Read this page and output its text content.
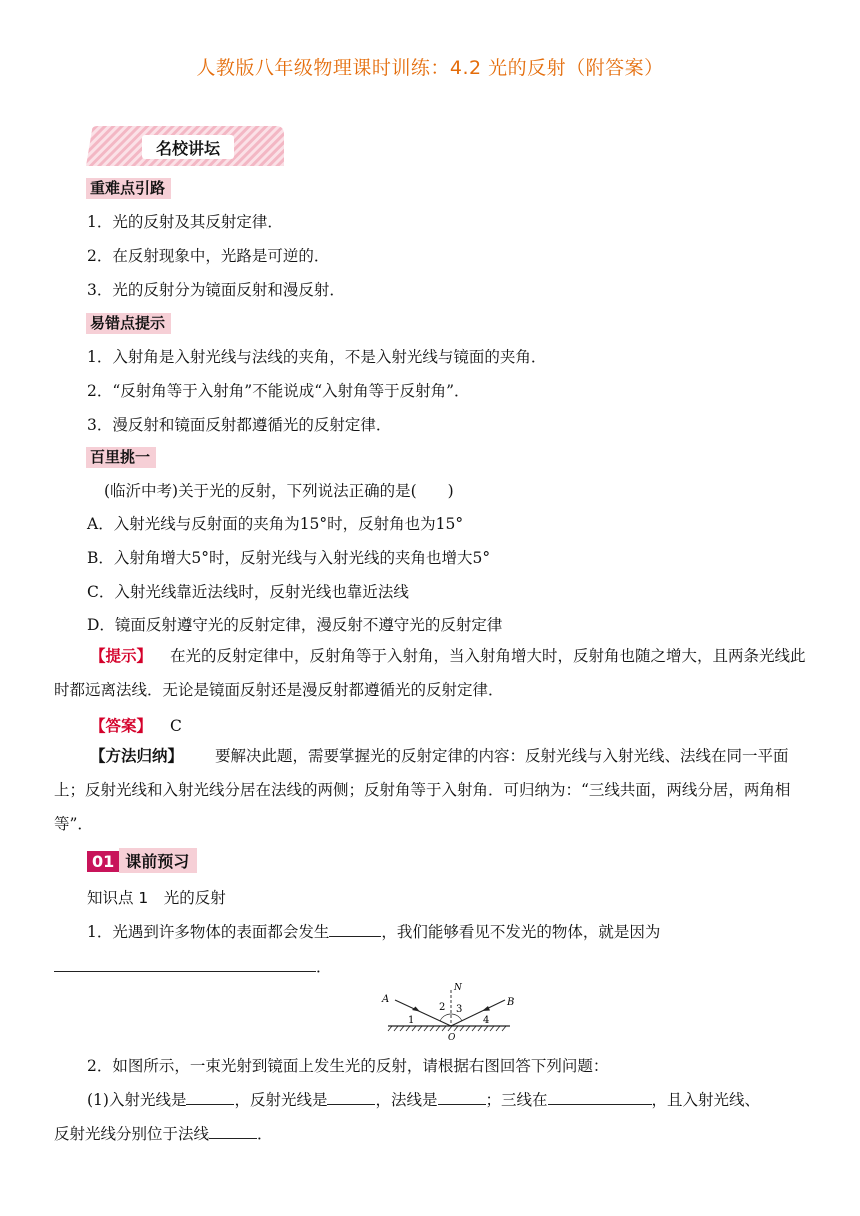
人教版八年级物理课时训练：4.2 光的反射（附答案）
名校讲坛
重难点引路
1．光的反射及其反射定律．
2．在反射现象中，光路是可逆的．
3．光的反射分为镜面反射和漫反射．
易错点提示
1．入射角是入射光线与法线的夹角，不是入射光线与镜面的夹角．
2．“反射角等于入射角”不能说成“入射角等于反射角”．
3．漫反射和镜面反射都遵循光的反射定律．
百里挑一
(临沂中考)关于光的反射，下列说法正确的是(　　)
A．入射光线与反射面的夹角为15°时，反射角也为15°
B．入射角增大5°时，反射光线与入射光线的夹角也增大5°
C．入射光线靠近法线时，反射光线也靠近法线
D．镜面反射遵守光的反射定律，漫反射不遵守光的反射定律
【提示】 在光的反射定律中，反射角等于入射角，当入射角增大时，反射角也随之增大，且两条光线此时都远离法线．无论是镜面反射还是漫反射都遵循光的反射定律．
【答案】 C
【方法归纳】 要解决此题，需要掌握光的反射定律的内容：反射光线与入射光线、法线在同一平面上；反射光线和入射光线分居在法线的两侧；反射角等于入射角．可归纳为：“三线共面，两线分居，两角相等”．
01 课前预习
知识点 1　光的反射
1．光遇到许多物体的表面都会发生	，我们能够看见不发光的物体，就是因为
．
A	B
N
O
1
2 3
4
2．如图所示，一束光射到镜面上发生光的反射，请根据右图回答下列问题：
(1)入射光线是	，反射光线是	，法线是	；三线在	，且入射光线、
反射光线分别位于法线	．
